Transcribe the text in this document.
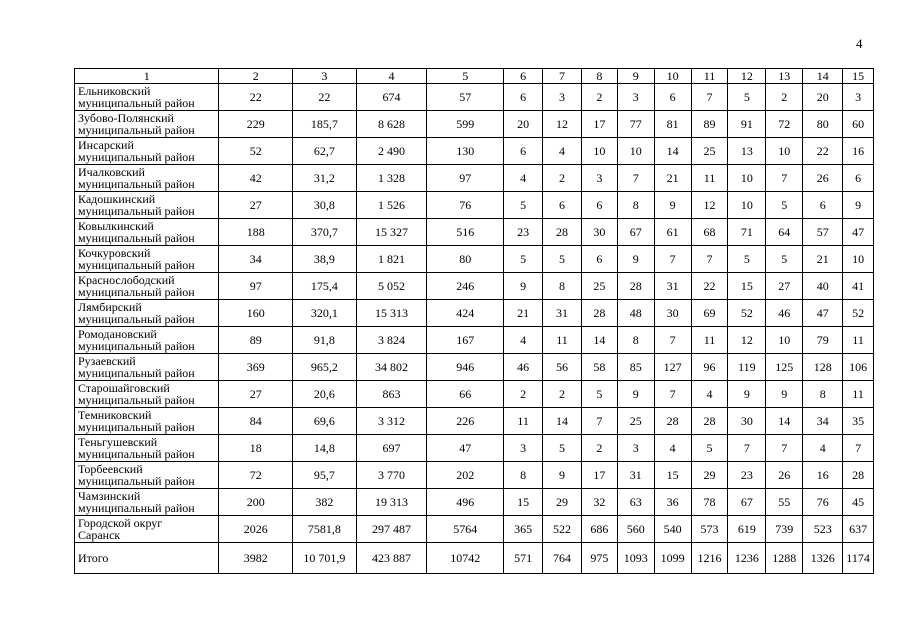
4
1	2	3	4	5	6	7	8	9	10	11	12	13	14	15
Ельниковский
муниципальный район	22	22	674	57	6	3	2	3	6	7	5	2	20	3
Зубово-Полянский
муниципальный район	229	185,7	8 628	599	20	12	17	77	81	89	91	72	80	60
Инсарский
муниципальный район	52	62,7	2 490	130	6	4	10	10	14	25	13	10	22	16
Ичалковский
муниципальный район	42	31,2	1 328	97	4	2	3	7	21	11	10	7	26	6
Кадошкинский
муниципальный район	27	30,8	1 526	76	5	6	6	8	9	12	10	5	6	9
Ковылкинский
муниципальный район	188	370,7	15 327	516	23	28	30	67	61	68	71	64	57	47
Кочкуровский
муниципальный район	34	38,9	1 821	80	5	5	6	9	7	7	5	5	21	10
Краснослободский
муниципальный район	97	175,4	5 052	246	9	8	25	28	31	22	15	27	40	41
Лямбирский
муниципальный район	160	320,1	15 313	424	21	31	28	48	30	69	52	46	47	52
Ромодановский
муниципальный район	89	91,8	3 824	167	4	11	14	8	7	11	12	10	79	11
Рузаевский
муниципальный район	369	965,2	34 802	946	46	56	58	85	127	96	119	125	128	106
Старошайговский
муниципальный район	27	20,6	863	66	2	2	5	9	7	4	9	9	8	11
Темниковский
муниципальный район	84	69,6	3 312	226	11	14	7	25	28	28	30	14	34	35
Теньгушевский
муниципальный район	18	14,8	697	47	3	5	2	3	4	5	7	7	4	7
Торбеевский
муниципальный район	72	95,7	3 770	202	8	9	17	31	15	29	23	26	16	28
Чамзинский
муниципальный район	200	382	19 313	496	15	29	32	63	36	78	67	55	76	45
Городской округ
Саранск	2026	7581,8	297 487	5764	365	522	686	560	540	573	619	739	523	637
Итого	3982	10 701,9	423 887	10742	571	764	975	1093	1099	1216	1236	1288	1326	1174
